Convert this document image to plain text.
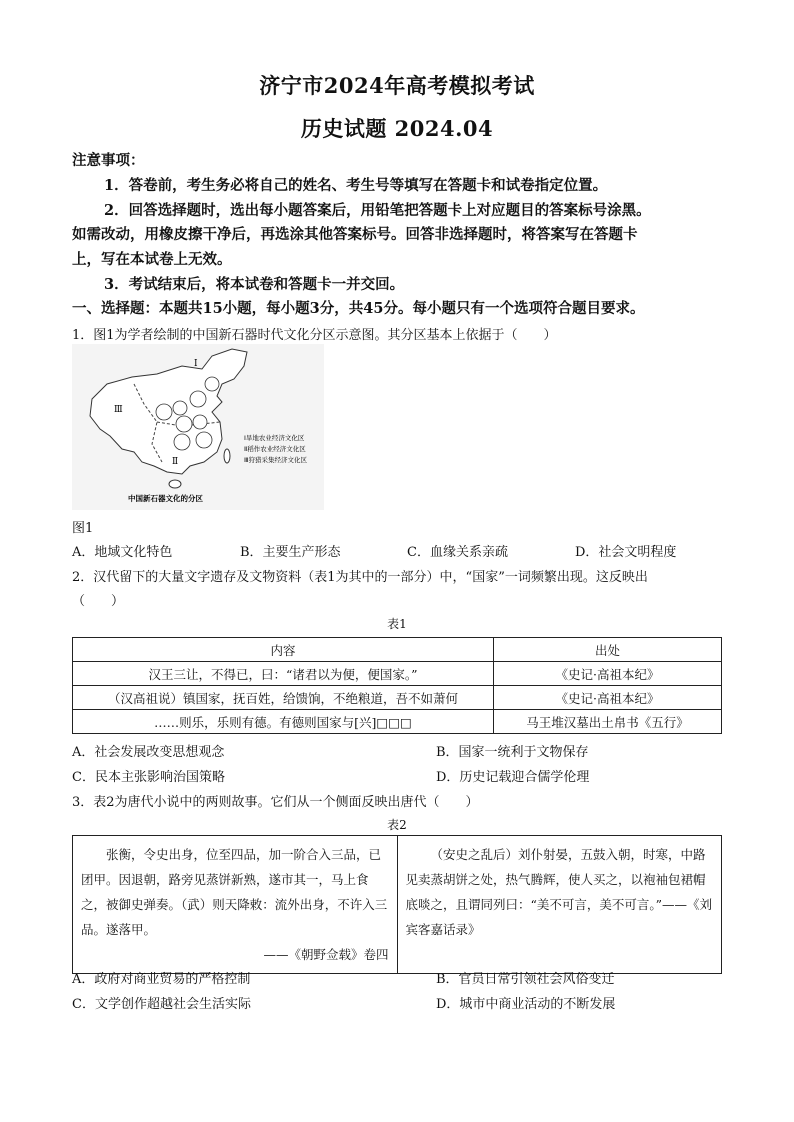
济宁市2024年高考模拟考试
历史试题 2024.04
注意事项：
1．答卷前，考生务必将自己的姓名、考生号等填写在答题卡和试卷指定位置。
2．回答选择题时，选出每小题答案后，用铅笔把答题卡上对应题目的答案标号涂黑。
如需改动，用橡皮擦干净后，再选涂其他答案标号。回答非选择题时，将答案写在答题卡
上，写在本试卷上无效。
3．考试结束后，将本试卷和答题卡一并交回。
一、选择题：本题共15小题，每小题3分，共45分。每小题只有一个选项符合题目要求。
1．图1为学者绘制的中国新石器时代文化分区示意图。其分区基本上依据于（　　）
Ⅲ
Ⅰ
Ⅱ
Ⅰ旱地农业经济文化区
Ⅱ稻作农业经济文化区
Ⅲ狩猎采集经济文化区
中国新石器文化的分区
图1
A．地域文化特色	B．主要生产形态	C．血缘关系亲疏	D．社会文明程度
2．汉代留下的大量文字遗存及文物资料（表1为其中的一部分）中，“国家”一词频繁出现。这反映出
（　　）
表1
内容	出处
汉王三让，不得已，曰：“诸君以为便，便国家。”	《史记·高祖本纪》
（汉高祖说）镇国家，抚百姓，给馈饷，不绝粮道，吾不如萧何	《史记·高祖本纪》
……则乐，乐则有德。有德则国家与[兴]□□□	马王堆汉墓出土帛书《五行》
A．社会发展改变思想观念	B．国家一统利于文物保存
C．民本主张影响治国策略	D．历史记载迎合儒学伦理
3．表2为唐代小说中的两则故事。它们从一个侧面反映出唐代（　　）
表2
张衡，令史出身，位至四品，加一阶合入三品，已团甲。因退朝，路旁见蒸饼新熟，遂市其一，马上食之，被御史弹奏。（武）则天降敕：流外出身，不许入三品。遂落甲。
——《朝野佥载》卷四

（安史之乱后）刘仆射晏，五鼓入朝，时寒，中路见卖蒸胡饼之处，热气腾辉，使人买之，以袍袖包裙帽底啖之，且谓同列曰：“美不可言，美不可言。”——《刘宾客嘉话录》
A．政府对商业贸易的严格控制	B．官员日常引领社会风俗变迁
C．文学创作超越社会生活实际	D．城市中商业活动的不断发展
